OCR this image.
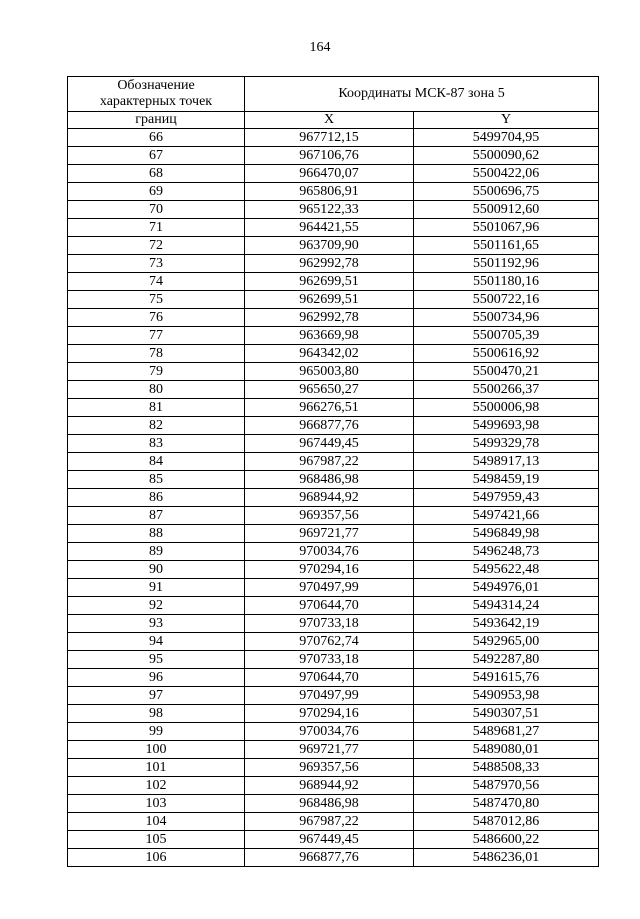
164
Обозначение
характерных точек	Координаты МСК-87 зона 5	

границ	X	Y
66	967712,15	5499704,95
67	967106,76	5500090,62
68	966470,07	5500422,06
69	965806,91	5500696,75
70	965122,33	5500912,60
71	964421,55	5501067,96
72	963709,90	5501161,65
73	962992,78	5501192,96
74	962699,51	5501180,16
75	962699,51	5500722,16
76	962992,78	5500734,96
77	963669,98	5500705,39
78	964342,02	5500616,92
79	965003,80	5500470,21
80	965650,27	5500266,37
81	966276,51	5500006,98
82	966877,76	5499693,98
83	967449,45	5499329,78
84	967987,22	5498917,13
85	968486,98	5498459,19
86	968944,92	5497959,43
87	969357,56	5497421,66
88	969721,77	5496849,98
89	970034,76	5496248,73
90	970294,16	5495622,48
91	970497,99	5494976,01
92	970644,70	5494314,24
93	970733,18	5493642,19
94	970762,74	5492965,00
95	970733,18	5492287,80
96	970644,70	5491615,76
97	970497,99	5490953,98
98	970294,16	5490307,51
99	970034,76	5489681,27
100	969721,77	5489080,01
101	969357,56	5488508,33
102	968944,92	5487970,56
103	968486,98	5487470,80
104	967987,22	5487012,86
105	967449,45	5486600,22
106	966877,76	5486236,01
